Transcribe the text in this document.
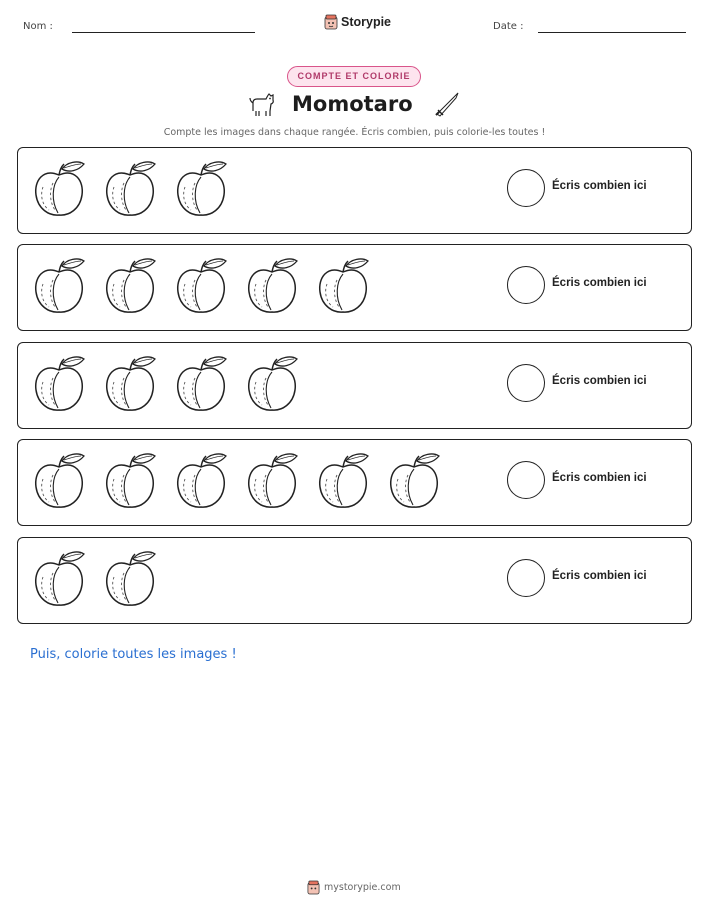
Nom :	Storypie	Date :
COMPTE ET COLORIE
Momotaro
Compte les images dans chaque rangée. Écris combien, puis colorie-les toutes !
Écris combien ici
Écris combien ici
Écris combien ici
Écris combien ici
Écris combien ici
Puis, colorie toutes les images !
mystorypie.com
